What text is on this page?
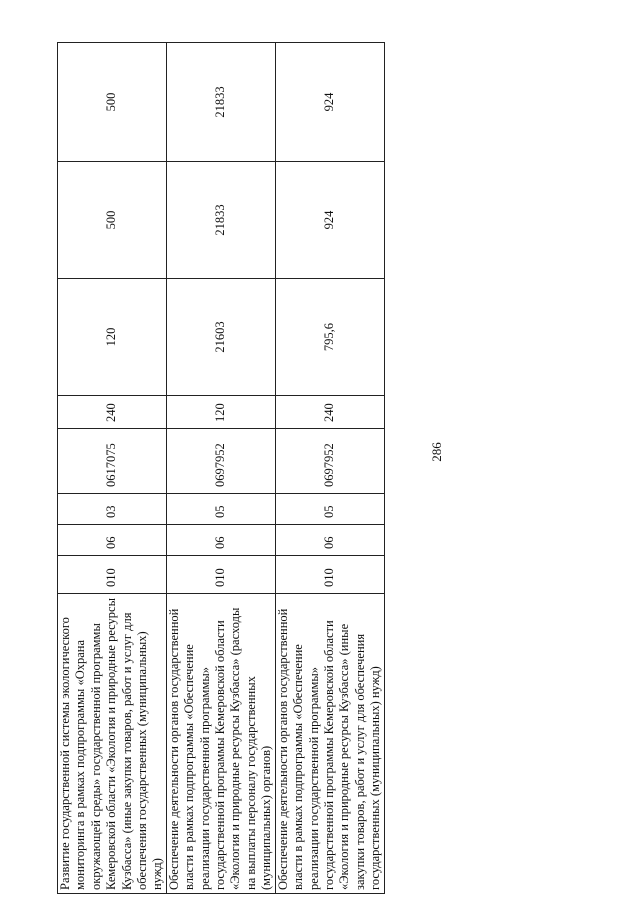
286
Развитие государственной системы экологического мониторинга в рамках подпрограммы «Охрана окружающей среды» государственной программы Кемеровской области «Экология и природные ресурсы Кузбасса» (иные закупки товаров, работ и услуг для обеспечения государственных (муниципальных) нужд)	010	06	03	0617075	240	120	500	500
Обеспечение деятельности органов государственной власти в рамках подпрограммы «Обеспечение реализации государственной программы» государственной программы Кемеровской области «Экология и природные ресурсы Кузбасса» (расходы на выплаты персоналу государственных (муниципальных) органов)	010	06	05	0697952	120	21603	21833	21833
Обеспечение деятельности органов государственной власти в рамках подпрограммы «Обеспечение реализации государственной программы» государственной программы Кемеровской области «Экология и природные ресурсы Кузбасса» (иные закупки товаров, работ и услуг для обеспечения государственных (муниципальных) нужд)	010	06	05	0697952	240	795,6	924	924
